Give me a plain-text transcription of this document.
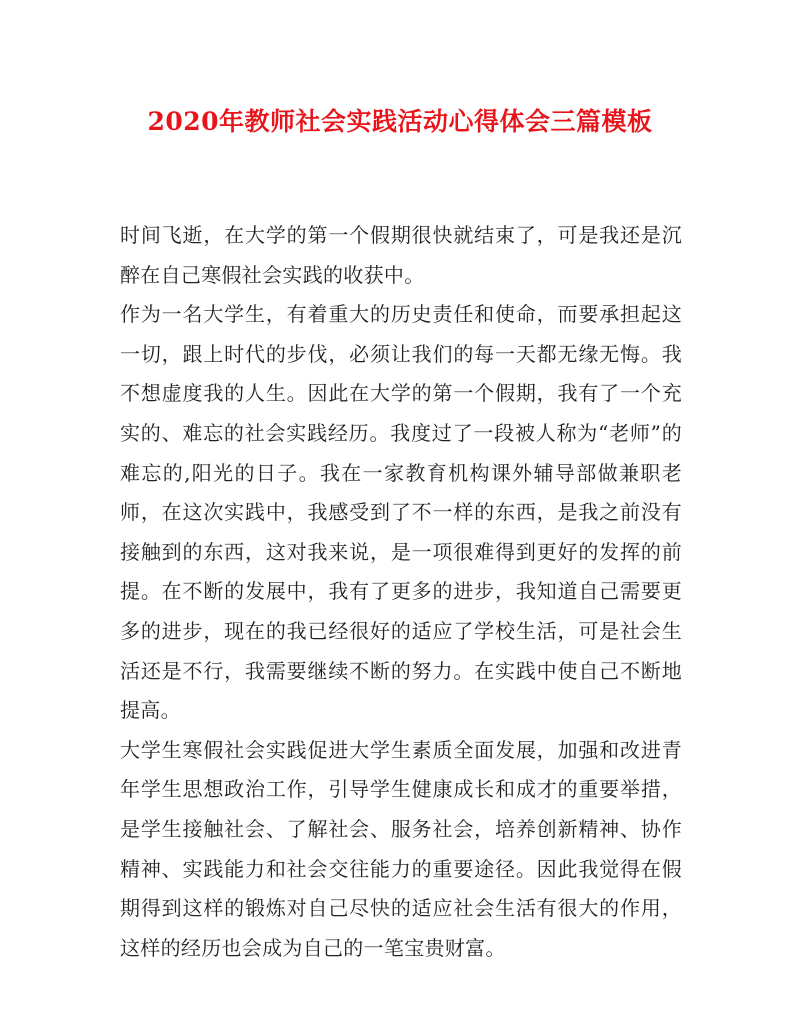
2020年教师社会实践活动心得体会三篇模板

时间飞逝，在大学的第一个假期很快就结束了，可是我还是沉醉在自己寒假社会实践的收获中。

作为一名大学生，有着重大的历史责任和使命，而要承担起这一切，跟上时代的步伐，必须让我们的每一天都无缘无悔。我不想虚度我的人生。因此在大学的第一个假期，我有了一个充实的、难忘的社会实践经历。我度过了一段被人称为“老师”的难忘的,阳光的日子。我在一家教育机构课外辅导部做兼职老师，在这次实践中，我感受到了不一样的东西，是我之前没有接触到的东西，这对我来说，是一项很难得到更好的发挥的前提。在不断的发展中，我有了更多的进步，我知道自己需要更多的进步，现在的我已经很好的适应了学校生活，可是社会生活还是不行，我需要继续不断的努力。在实践中使自己不断地提高。

大学生寒假社会实践促进大学生素质全面发展，加强和改进青年学生思想政治工作，引导学生健康成长和成才的重要举措，是学生接触社会、了解社会、服务社会，培养创新精神、协作精神、实践能力和社会交往能力的重要途径。因此我觉得在假期得到这样的锻炼对自己尽快的适应社会生活有很大的作用，这样的经历也会成为自己的一笔宝贵财富。
